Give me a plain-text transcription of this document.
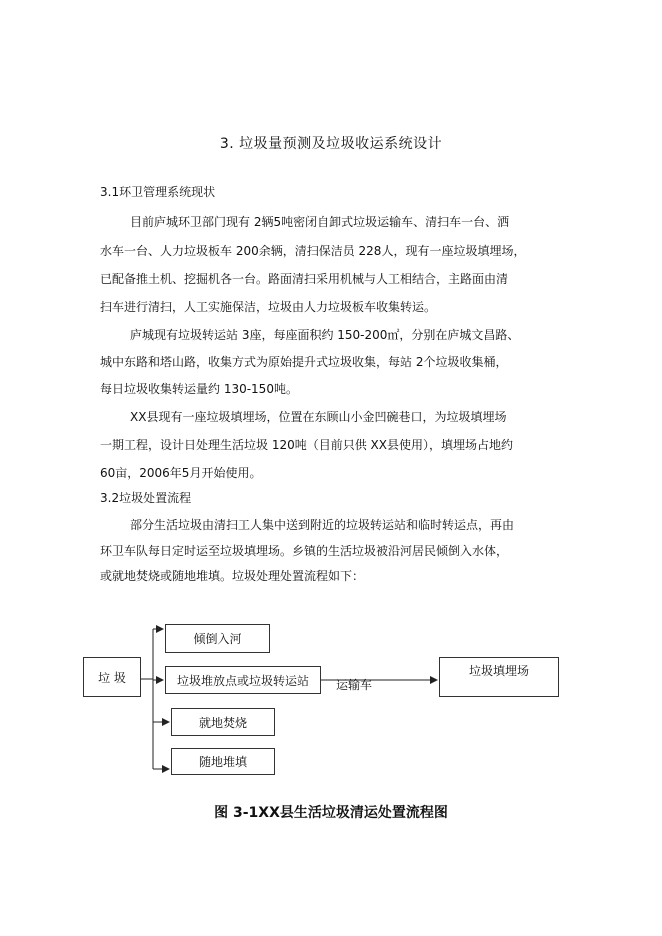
3. 垃圾量预测及垃圾收运系统设计
3.1环卫管理系统现状
目前庐城环卫部门现有 2辆5吨密闭自卸式垃圾运输车、清扫车一台、洒
水车一台、人力垃圾板车 200余辆，清扫保洁员 228人，现有一座垃圾填埋场，
已配备推土机、挖掘机各一台。路面清扫采用机械与人工相结合，主路面由清
扫车进行清扫，人工实施保洁，垃圾由人力垃圾板车收集转运。
庐城现有垃圾转运站 3座，每座面积约 150-200㎡，分别在庐城文昌路、
城中东路和塔山路，收集方式为原始提升式垃圾收集，每站 2个垃圾收集桶，
每日垃圾收集转运量约 130-150吨。
XX县现有一座垃圾填埋场，位置在东顾山小金凹碗巷口，为垃圾填埋场
一期工程，设计日处理生活垃圾 120吨（目前只供 XX县使用），填埋场占地约
60亩，2006年5月开始使用。
3.2垃圾处置流程
部分生活垃圾由清扫工人集中送到附近的垃圾转运站和临时转运点，再由
环卫车队每日定时运至垃圾填埋场。乡镇的生活垃圾被沿河居民倾倒入水体，
或就地焚烧或随地堆填。垃圾处理处置流程如下：
垃 圾
倾倒入河
垃圾堆放点或垃圾转运站
就地焚烧
随地堆填
垃圾填埋场
运输车
图 3-1XX县生活垃圾清运处置流程图
